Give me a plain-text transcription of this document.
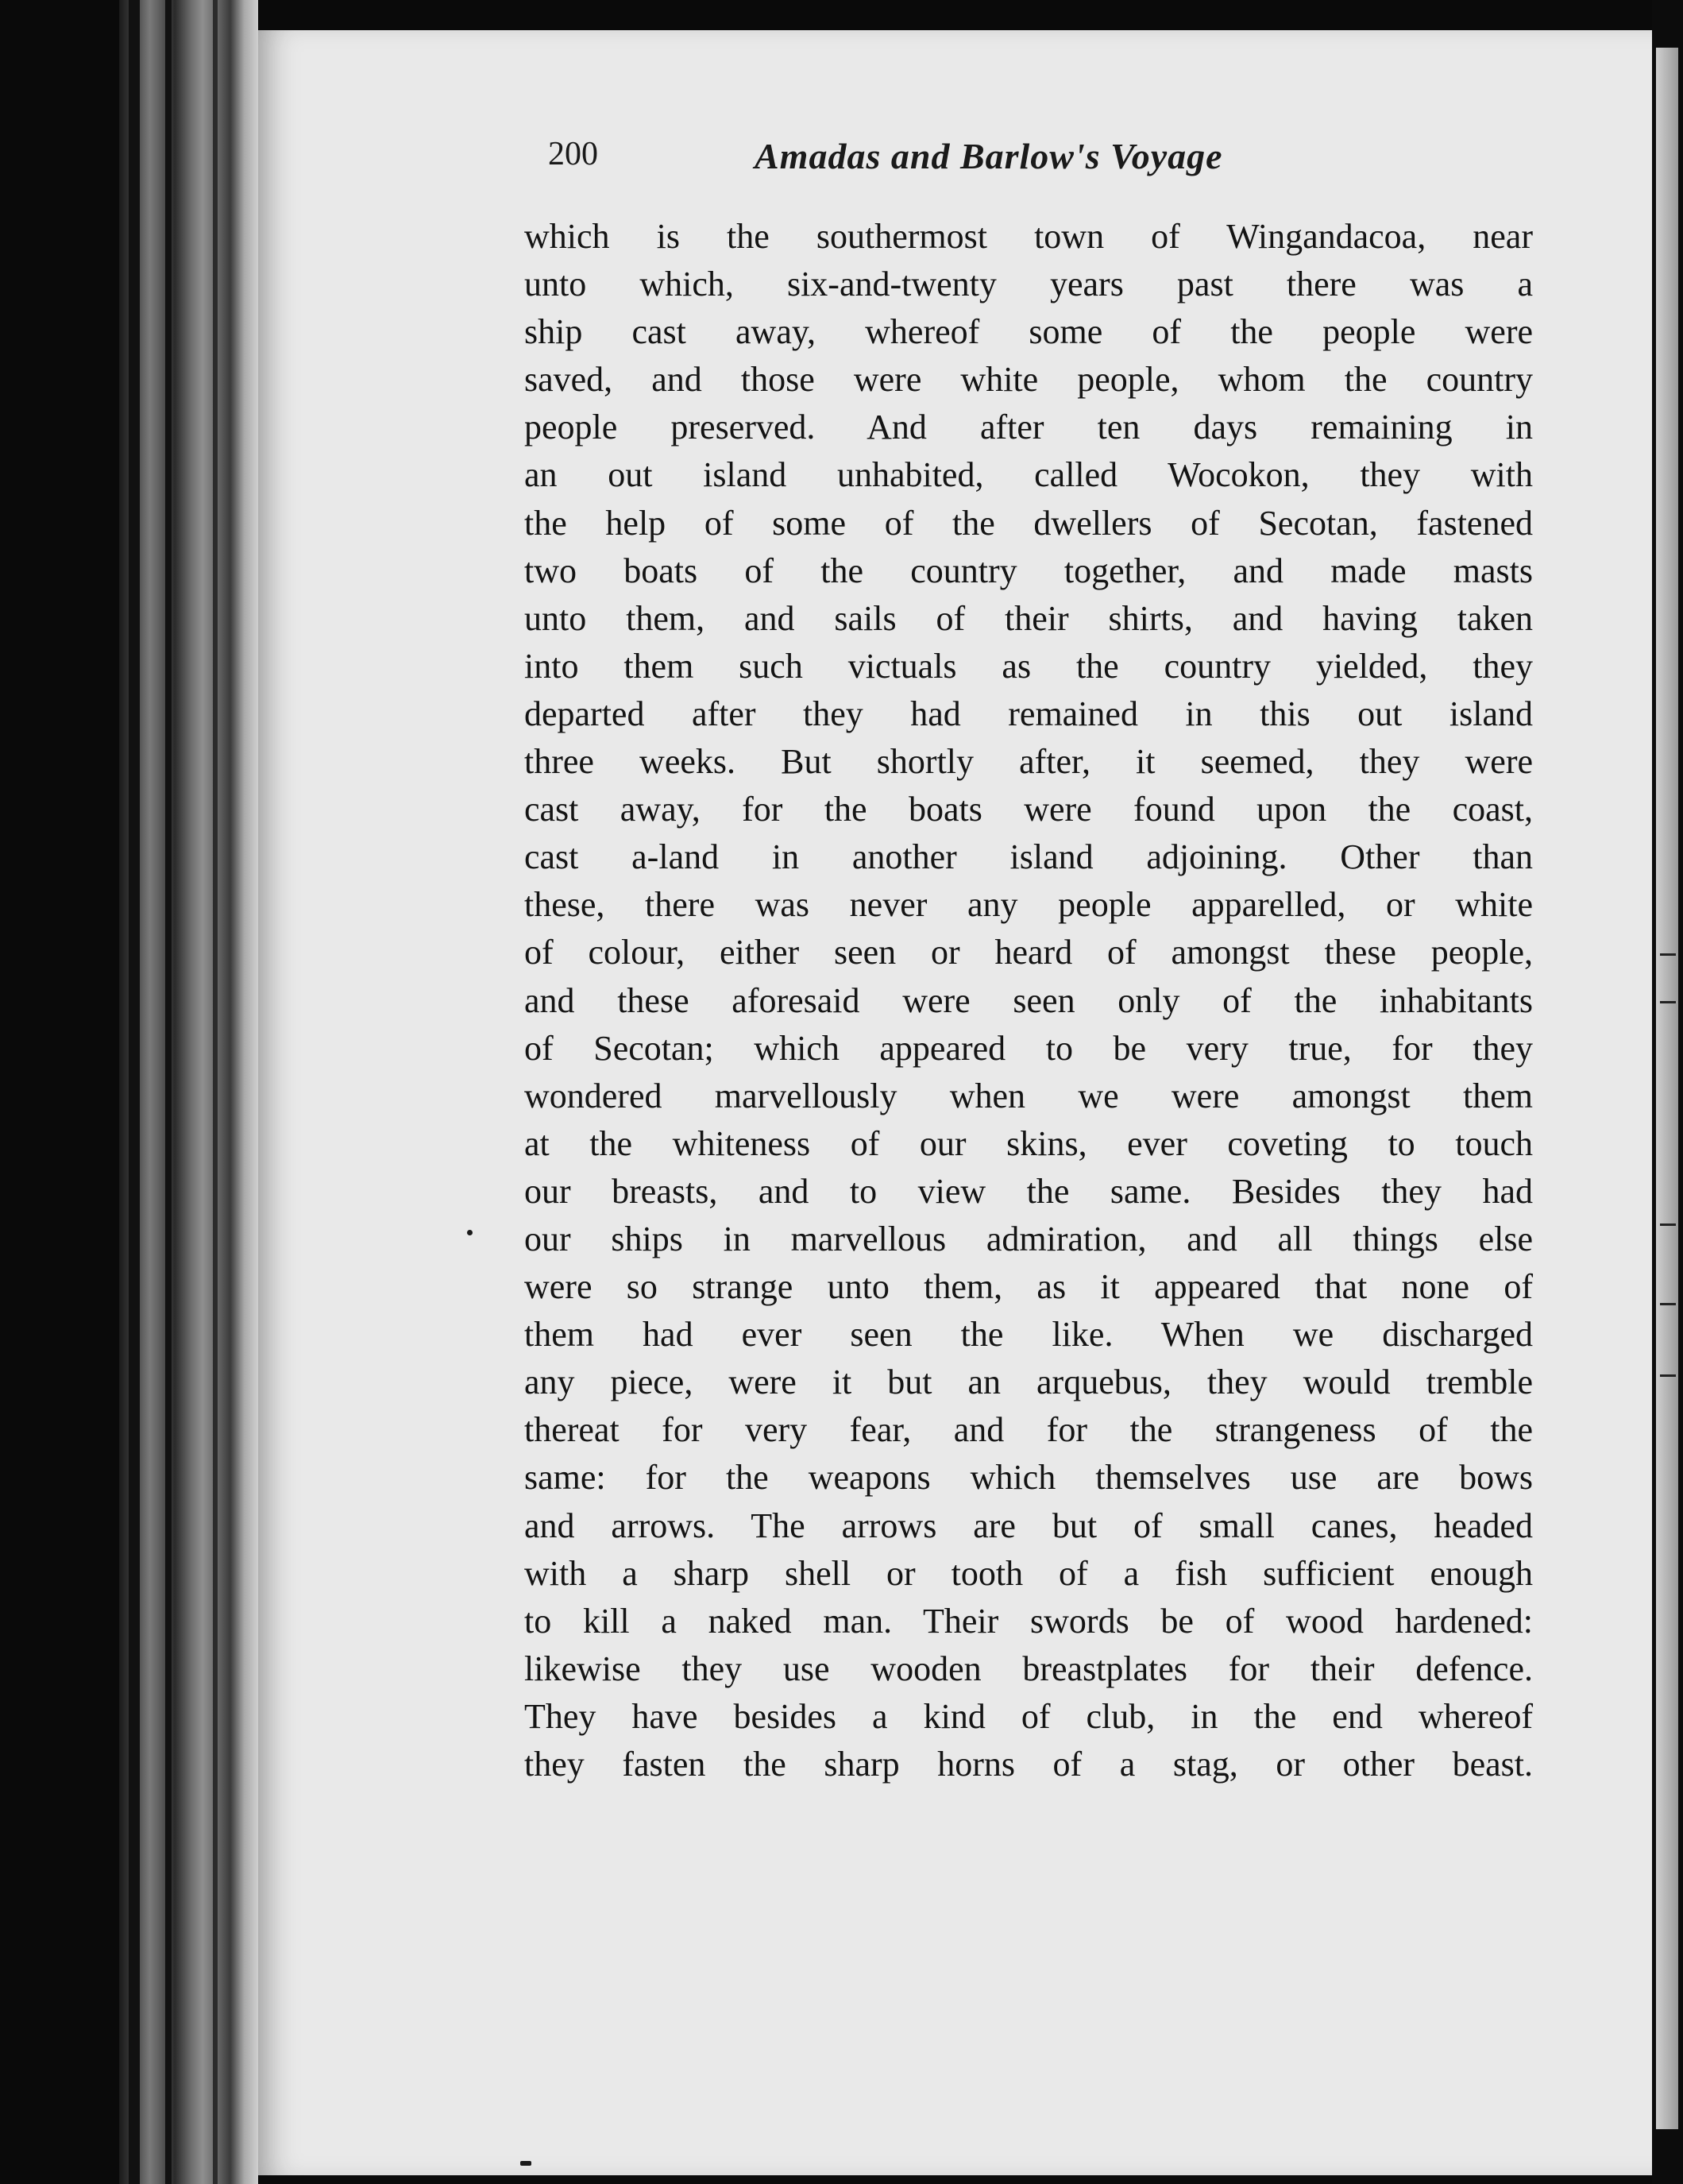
200	Amadas and Barlow's Voyage
which is the southermost town of Wingandacoa, near
unto which, six-and-twenty years past there was a
ship cast away, whereof some of the people were
saved, and those were white people, whom the country
people preserved. And after ten days remaining in
an out island unhabited, called Wocokon, they with
the help of some of the dwellers of Secotan, fastened
two boats of the country together, and made masts
unto them, and sails of their shirts, and having taken
into them such victuals as the country yielded, they
departed after they had remained in this out island
three weeks. But shortly after, it seemed, they were
cast away, for the boats were found upon the coast,
cast a-land in another island adjoining. Other than
these, there was never any people apparelled, or white
of colour, either seen or heard of amongst these people,
and these aforesaid were seen only of the inhabitants
of Secotan; which appeared to be very true, for they
wondered marvellously when we were amongst them
at the whiteness of our skins, ever coveting to touch
our breasts, and to view the same. Besides they had
our ships in marvellous admiration, and all things else
were so strange unto them, as it appeared that none of
them had ever seen the like. When we discharged
any piece, were it but an arquebus, they would tremble
thereat for very fear, and for the strangeness of the
same: for the weapons which themselves use are bows
and arrows. The arrows are but of small canes, headed
with a sharp shell or tooth of a fish sufficient enough
to kill a naked man. Their swords be of wood hardened:
likewise they use wooden breastplates for their defence.
They have besides a kind of club, in the end whereof
they fasten the sharp horns of a stag, or other beast.
